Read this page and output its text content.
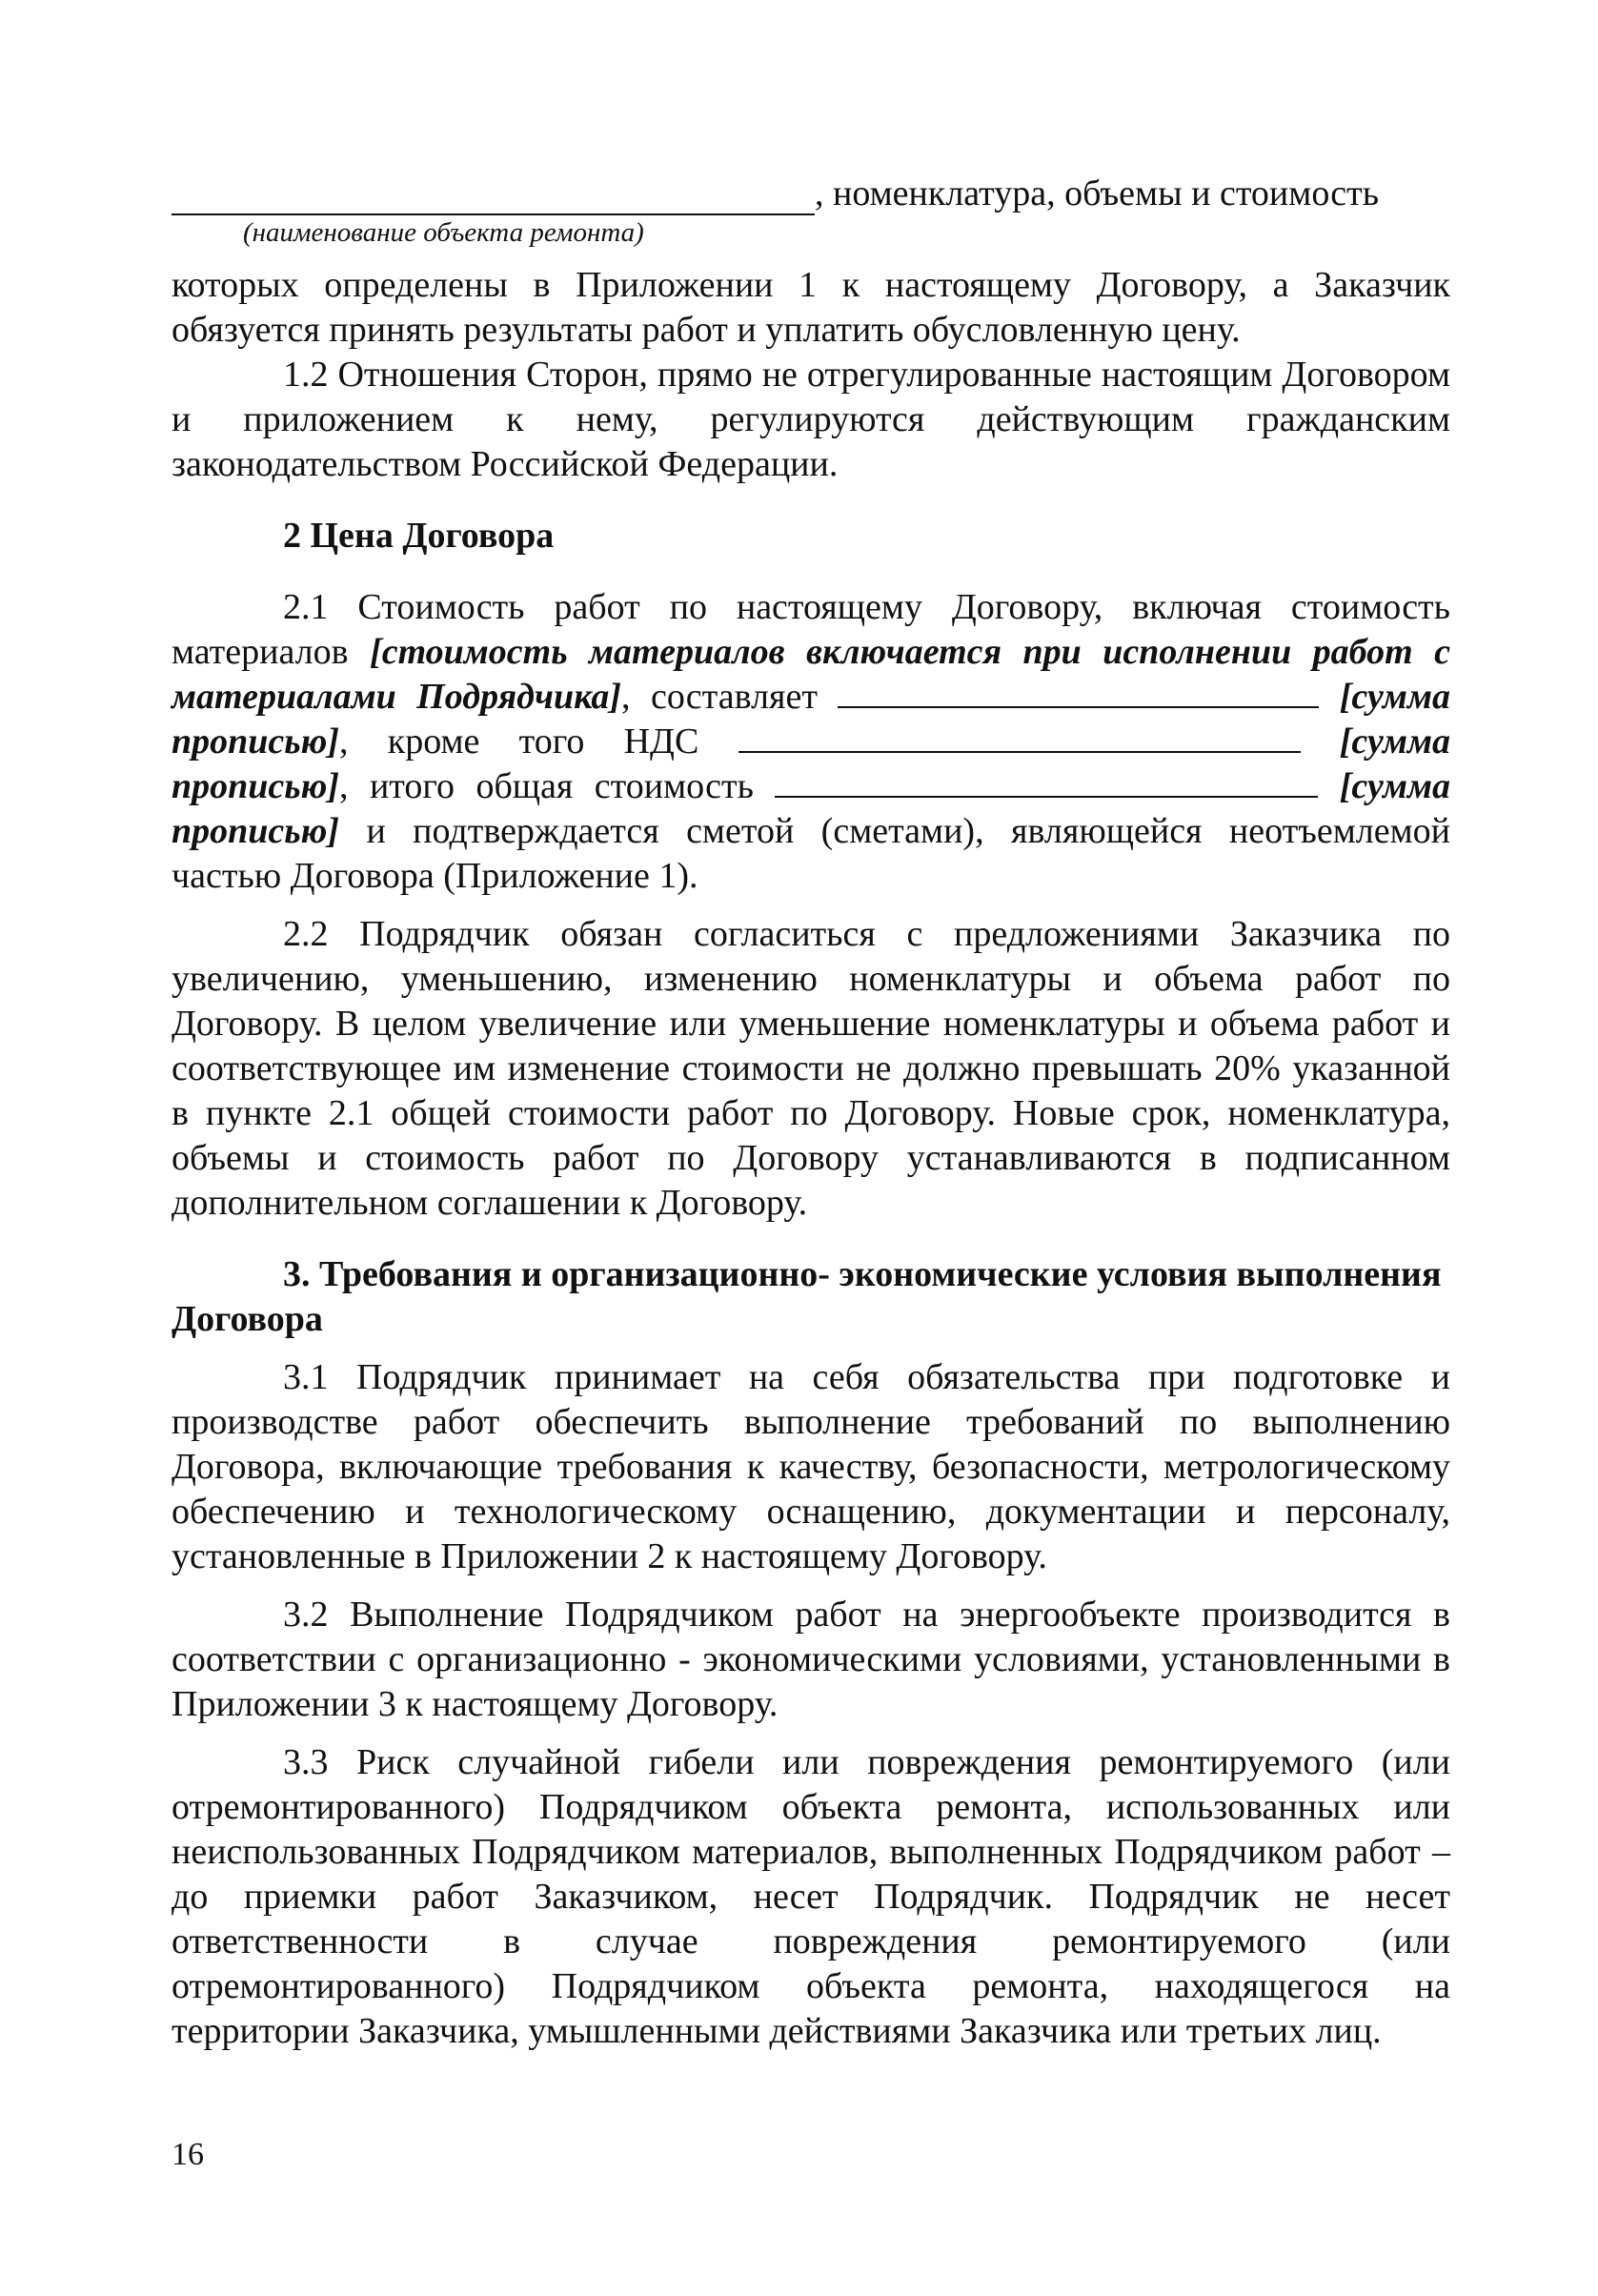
, номенклатура, объемы и стоимость
(наименование объекта ремонта)

которых определены в Приложении 1 к настоящему Договору, а Заказчик обязуется принять результаты работ и уплатить обусловленную цену.

1.2 Отношения Сторон, прямо не отрегулированные настоящим Договором и приложением к нему, регулируются действующим гражданским законодательством Российской Федерации.

2 Цена Договора

2.1 Стоимость работ по настоящему Договору, включая стоимость материалов [стоимость материалов включается при исполнении работ с материалами Подрядчика], составляет	[сумма прописью], кроме того НДС	[сумма прописью], итого общая стоимость	[сумма прописью] и подтверждается сметой (сметами), являющейся неотъемлемой частью Договора (Приложение 1).

2.2 Подрядчик обязан согласиться с предложениями Заказчика по увеличению, уменьшению, изменению номенклатуры и объема работ по Договору. В целом увеличение или уменьшение номенклатуры и объема работ и соответствующее им изменение стоимости не должно превышать 20% указанной в пункте 2.1 общей стоимости работ по Договору. Новые срок, номенклатура, объемы и стоимость работ по Договору устанавливаются в подписанном дополнительном соглашении к Договору.

3. Требования и организационно- экономические условия выполнения Договора

3.1 Подрядчик принимает на себя обязательства при подготовке и производстве работ обеспечить выполнение требований по выполнению Договора, включающие требования к качеству, безопасности, метрологическому обеспечению и технологическому оснащению, документации и персоналу, установленные в Приложении 2 к настоящему Договору.

3.2 Выполнение Подрядчиком работ на энергообъекте производится в соответствии с организационно - экономическими условиями, установленными в Приложении 3 к настоящему Договору.

3.3 Риск случайной гибели или повреждения ремонтируемого (или отремонтированного) Подрядчиком объекта ремонта, использованных или неиспользованных Подрядчиком материалов, выполненных Подрядчиком работ – до приемки работ Заказчиком, несет Подрядчик. Подрядчик не несет ответственности в случае повреждения ремонтируемого (или отремонтированного) Подрядчиком объекта ремонта, находящегося на территории Заказчика, умышленными действиями Заказчика или третьих лиц.

16
